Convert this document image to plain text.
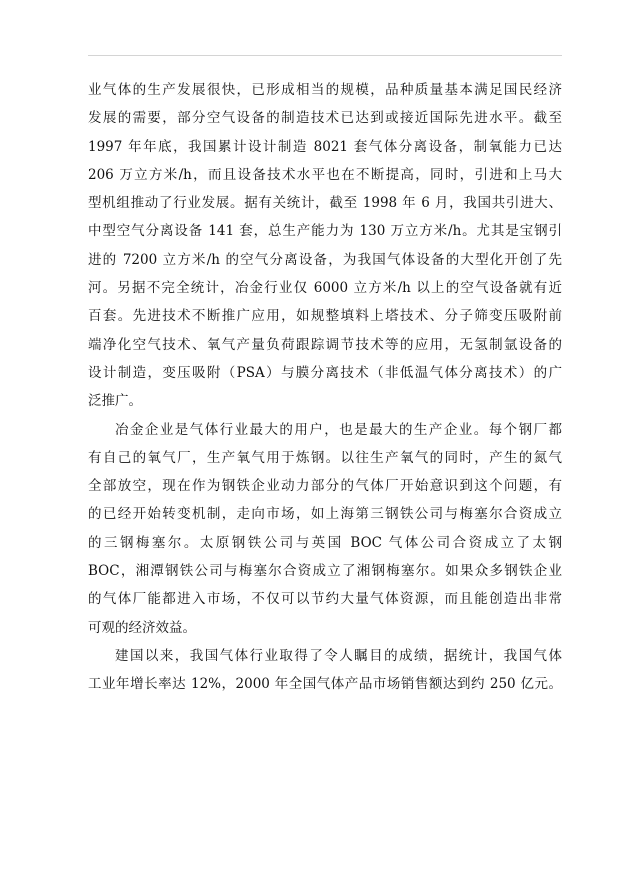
业气体的生产发展很快，已形成相当的规模，品种质量基本满足国民经济
发展的需要，部分空气设备的制造技术已达到或接近国际先进水平。截至
1997 年年底，我国累计设计制造 8021 套气体分离设备，制氧能力已达
206 万立方米/h，而且设备技术水平也在不断提高，同时，引进和上马大
型机组推动了行业发展。据有关统计，截至 1998 年 6 月，我国共引进大、
中型空气分离设备 141 套，总生产能力为 130 万立方米/h。尤其是宝钢引
进的 7200 立方米/h 的空气分离设备，为我国气体设备的大型化开创了先
河。另据不完全统计，冶金行业仅 6000 立方米/h 以上的空气设备就有近
百套。先进技术不断推广应用，如规整填料上塔技术、分子筛变压吸附前
端净化空气技术、氧气产量负荷跟踪调节技术等的应用，无氢制氩设备的
设计制造，变压吸附（PSA）与膜分离技术（非低温气体分离技术）的广
泛推广。
冶金企业是气体行业最大的用户，也是最大的生产企业。每个钢厂都
有自己的氧气厂，生产氧气用于炼钢。以往生产氧气的同时，产生的氮气
全部放空，现在作为钢铁企业动力部分的气体厂开始意识到这个问题，有
的已经开始转变机制，走向市场，如上海第三钢铁公司与梅塞尔合资成立
的三钢梅塞尔。太原钢铁公司与英国 BOC 气体公司合资成立了太钢
BOC，湘潭钢铁公司与梅塞尔合资成立了湘钢梅塞尔。如果众多钢铁企业
的气体厂能都进入市场，不仅可以节约大量气体资源，而且能创造出非常
可观的经济效益。
建国以来，我国气体行业取得了令人瞩目的成绩，据统计，我国气体
工业年增长率达 12%，2000 年全国气体产品市场销售额达到约 250 亿元。
